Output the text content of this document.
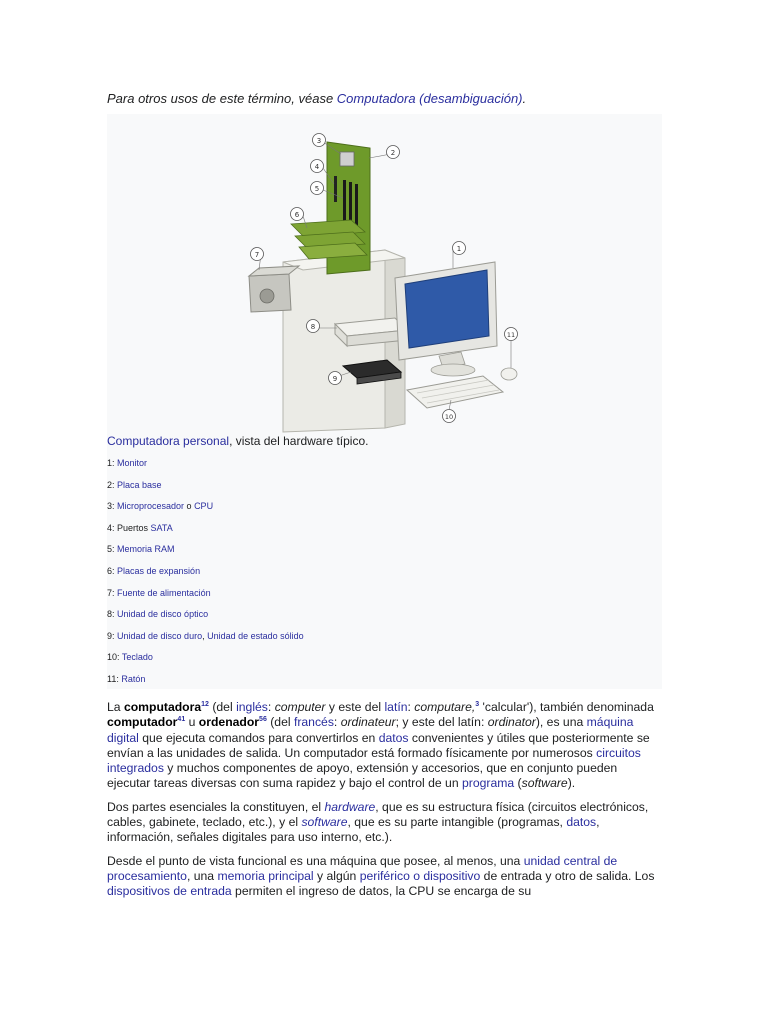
Para otros usos de este término, véase Computadora (desambiguación).
1
2
3
4
5
6
7
8
9
10
11
Computadora personal, vista del hardware típico.
1: Monitor
2: Placa base
3: Microprocesador o CPU
4: Puertos SATA
5: Memoria RAM
6: Placas de expansión
7: Fuente de alimentación
8: Unidad de disco óptico
9: Unidad de disco duro, Unidad de estado sólido
10: Teclado
11: Ratón

La computadora$^{12}$ (del inglés: computer y este del latín: computare,$^3$ 'calcular'), también denominada computador$^{41}$ u ordenador$^{56}$ (del francés: ordinateur; y este del latín: ordinator), es una máquina digital que ejecuta comandos para convertirlos en datos convenientes y útiles que posteriormente se envían a las unidades de salida. Un computador está formado físicamente por numerosos circuitos integrados y muchos componentes de apoyo, extensión y accesorios, que en conjunto pueden ejecutar tareas diversas con suma rapidez y bajo el control de un programa (software).

Dos partes esenciales la constituyen, el hardware, que es su estructura física (circuitos electrónicos, cables, gabinete, teclado, etc.), y el software, que es su parte intangible (programas, datos, información, señales digitales para uso interno, etc.).

Desde el punto de vista funcional es una máquina que posee, al menos, una unidad central de procesamiento, una memoria principal y algún periférico o dispositivo de entrada y otro de salida. Los dispositivos de entrada permiten el ingreso de datos, la CPU se encarga de su
